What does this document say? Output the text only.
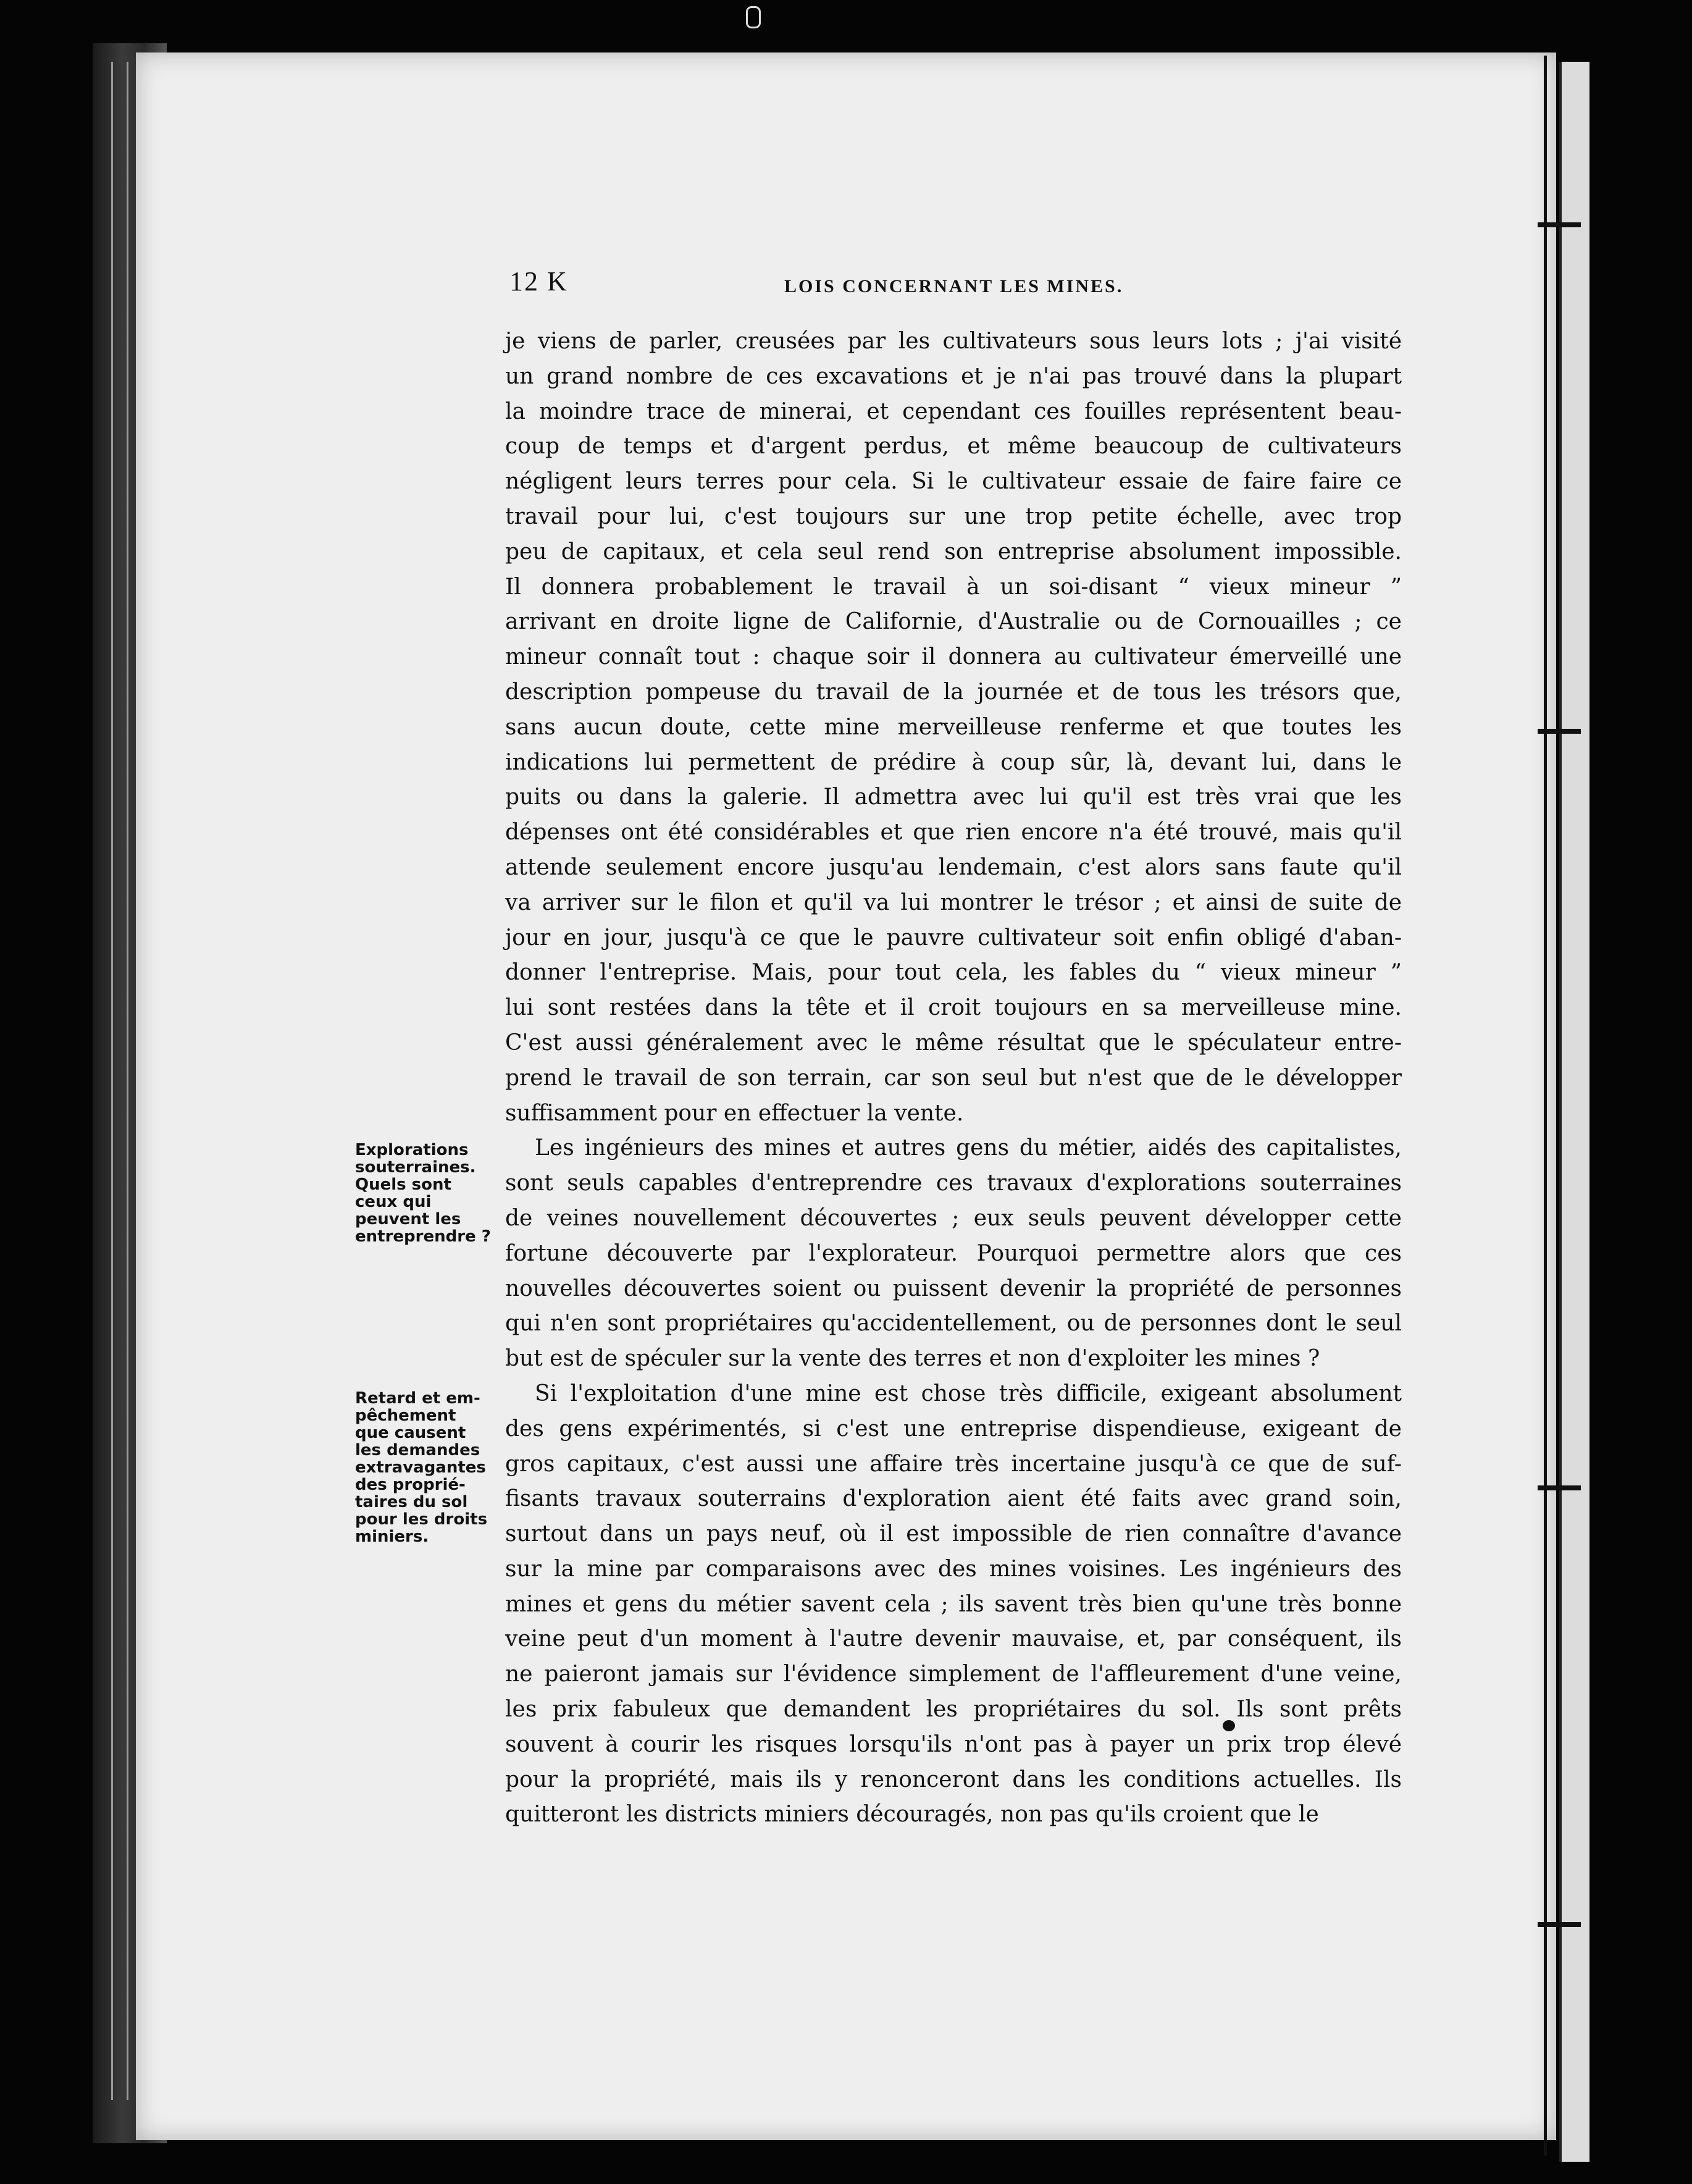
12 K	LOIS CONCERNANT LES MINES.
Explorations
souterraines.
Quels sont
ceux qui
peuvent les
entreprendre ?
Retard et em-
pêchement
que causent
les demandes
extravagantes
des proprié-
taires du sol
pour les droits
miniers.
je viens de parler, creusées par les cultivateurs sous leurs lots ; j'ai visité
un grand nombre de ces excavations et je n'ai pas trouvé dans la plupart
la moindre trace de minerai, et cependant ces fouilles représentent beau-
coup de temps et d'argent perdus, et même beaucoup de cultivateurs
négligent leurs terres pour cela. Si le cultivateur essaie de faire faire ce
travail pour lui, c'est toujours sur une trop petite échelle, avec trop
peu de capitaux, et cela seul rend son entreprise absolument impossible.
Il donnera probablement le travail à un soi-disant “ vieux mineur ”
arrivant en droite ligne de Californie, d'Australie ou de Cornouailles ; ce
mineur connaît tout : chaque soir il donnera au cultivateur émerveillé une
description pompeuse du travail de la journée et de tous les trésors que,
sans aucun doute, cette mine merveilleuse renferme et que toutes les
indications lui permettent de prédire à coup sûr, là, devant lui, dans le
puits ou dans la galerie. Il admettra avec lui qu'il est très vrai que les
dépenses ont été considérables et que rien encore n'a été trouvé, mais qu'il
attende seulement encore jusqu'au lendemain, c'est alors sans faute qu'il
va arriver sur le filon et qu'il va lui montrer le trésor ; et ainsi de suite de
jour en jour, jusqu'à ce que le pauvre cultivateur soit enfin obligé d'aban-
donner l'entreprise. Mais, pour tout cela, les fables du “ vieux mineur ”
lui sont restées dans la tête et il croit toujours en sa merveilleuse mine.
C'est aussi généralement avec le même résultat que le spéculateur entre-
prend le travail de son terrain, car son seul but n'est que de le développer
suffisamment pour en effectuer la vente.
Les ingénieurs des mines et autres gens du métier, aidés des capitalistes,
sont seuls capables d'entreprendre ces travaux d'explorations souterraines
de veines nouvellement découvertes ; eux seuls peuvent développer cette
fortune découverte par l'explorateur. Pourquoi permettre alors que ces
nouvelles découvertes soient ou puissent devenir la propriété de personnes
qui n'en sont propriétaires qu'accidentellement, ou de personnes dont le seul
but est de spéculer sur la vente des terres et non d'exploiter les mines ?
Si l'exploitation d'une mine est chose très difficile, exigeant absolument
des gens expérimentés, si c'est une entreprise dispendieuse, exigeant de
gros capitaux, c'est aussi une affaire très incertaine jusqu'à ce que de suf-
fisants travaux souterrains d'exploration aient été faits avec grand soin,
surtout dans un pays neuf, où il est impossible de rien connaître d'avance
sur la mine par comparaisons avec des mines voisines. Les ingénieurs des
mines et gens du métier savent cela ; ils savent très bien qu'une très bonne
veine peut d'un moment à l'autre devenir mauvaise, et, par conséquent, ils
ne paieront jamais sur l'évidence simplement de l'affleurement d'une veine,
les prix fabuleux que demandent les propriétaires du sol. Ils sont prêts
souvent à courir les risques lorsqu'ils n'ont pas à payer un prix trop élevé
pour la propriété, mais ils y renonceront dans les conditions actuelles. Ils
quitteront les districts miniers découragés, non pas qu'ils croient que le
